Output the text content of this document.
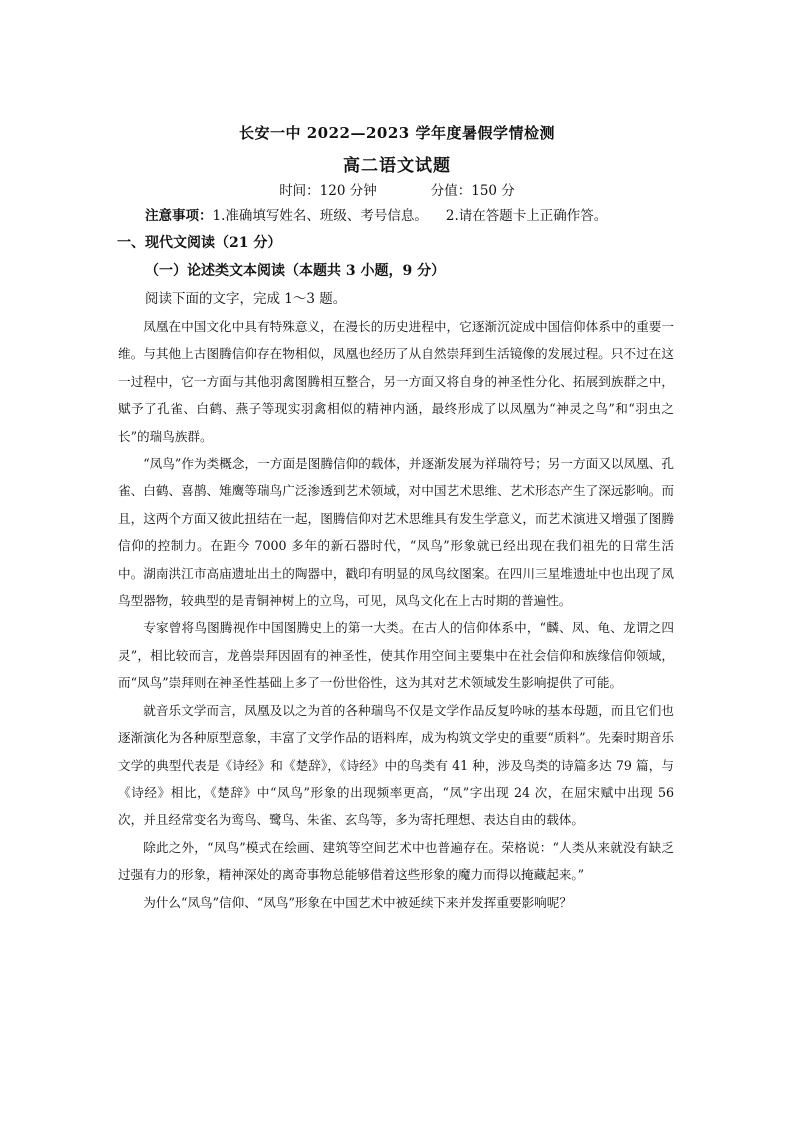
长安一中 2022—2023 学年度暑假学情检测
高二语文试题
时间：120 分钟	分值：150 分
注意事项：1.准确填写姓名、班级、考号信息。 2.请在答题卡上正确作答。
一、现代文阅读（21 分）
（一）论述类文本阅读（本题共 3 小题，9 分）
阅读下面的文字，完成 1～3 题。

凤凰在中国文化中具有特殊意义，在漫长的历史进程中，它逐渐沉淀成中国信仰体系中的重要一维。与其他上古图腾信仰存在物相似，凤凰也经历了从自然崇拜到生活镜像的发展过程。只不过在这一过程中，它一方面与其他羽禽图腾相互整合，另一方面又将自身的神圣性分化、拓展到族群之中，赋予了孔雀、白鹤、燕子等现实羽禽相似的精神内涵，最终形成了以凤凰为“神灵之鸟”和“羽虫之长”的瑞鸟族群。

“凤鸟”作为类概念，一方面是图腾信仰的载体，并逐渐发展为祥瑞符号；另一方面又以凤凰、孔雀、白鹤、喜鹊、雉鹰等瑞鸟广泛渗透到艺术领域，对中国艺术思维、艺术形态产生了深远影响。而且，这两个方面又彼此扭结在一起，图腾信仰对艺术思维具有发生学意义，而艺术演进又增强了图腾信仰的控制力。在距今 7000 多年的新石器时代，“凤鸟”形象就已经出现在我们祖先的日常生活中。湖南洪江市高庙遗址出土的陶器中，戳印有明显的凤鸟纹图案。在四川三星堆遗址中也出现了凤鸟型器物，较典型的是青铜神树上的立鸟，可见，凤鸟文化在上古时期的普遍性。

专家曾将鸟图腾视作中国图腾史上的第一大类。在古人的信仰体系中，“麟、凤、龟、龙谓之四灵”，相比较而言，龙兽崇拜因固有的神圣性，使其作用空间主要集中在社会信仰和族缘信仰领域，而“凤鸟”崇拜则在神圣性基础上多了一份世俗性，这为其对艺术领域发生影响提供了可能。

就音乐文学而言，凤凰及以之为首的各种瑞鸟不仅是文学作品反复吟咏的基本母题，而且它们也逐渐演化为各种原型意象，丰富了文学作品的语料库，成为构筑文学史的重要“质料”。先秦时期音乐文学的典型代表是《诗经》和《楚辞》，《诗经》中的鸟类有 41 种，涉及鸟类的诗篇多达 79 篇，与《诗经》相比，《楚辞》中“凤鸟”形象的出现频率更高，“凤”字出现 24 次，在屈宋赋中出现 56 次，并且经常变名为鸾鸟、鹭鸟、朱雀、玄鸟等，多为寄托理想、表达自由的载体。

除此之外，“凤鸟”模式在绘画、建筑等空间艺术中也普遍存在。荣格说：“人类从来就没有缺乏过强有力的形象，精神深处的离奇事物总能够借着这些形象的魔力而得以掩藏起来。”

为什么“凤鸟”信仰、“凤鸟”形象在中国艺术中被延续下来并发挥重要影响呢？
